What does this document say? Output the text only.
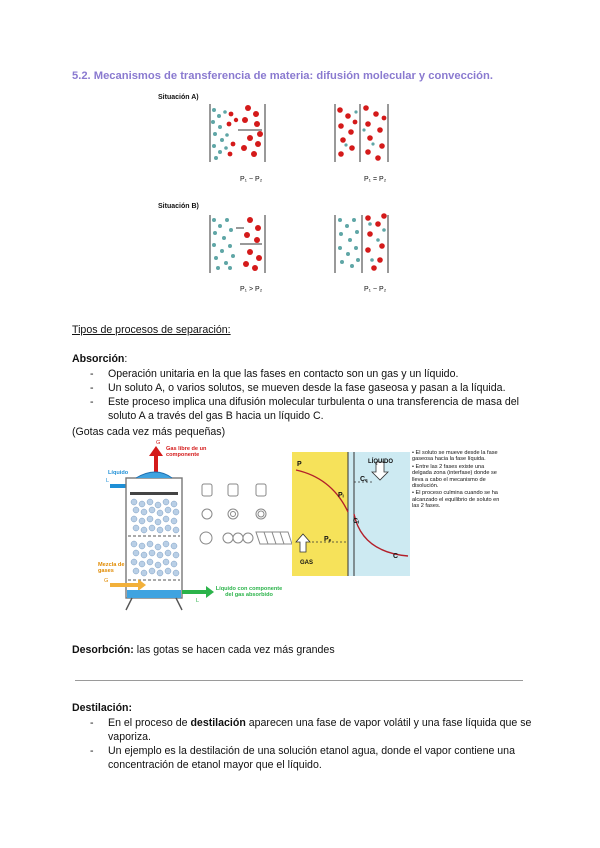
5.2. Mecanismos de transferencia de materia: difusión molecular y convección.
Situación A)
Situación B)
P₁ ~ P₂	P₁ = P₂
P₁ > P₂	P₁ ~ P₂
Tipos de procesos de separación:
Absorción:
- Operación unitaria en la que las fases en contacto son un gas y un líquido.
- Un soluto A, o varios solutos, se mueven desde la fase gaseosa y pasan a la líquida.
- Este proceso implica una difusión molecular turbulenta o una transferencia de masa del soluto A a través del gas B hacia un líquido C.
(Gotas cada vez más pequeñas)
Gas libre de un componente
G
Líquido
L
Mezcla de gases
G
Líquido con componente del gas absorbido
L
P
Pᵢ
Pₑ
Cₑ
Cᵢ
C
LÍQUIDO
GAS
• El soluto se mueve desde la fase gaseosa hacia la fase líquida.
• Entre las 2 fases existe una delgada zona (interfase) donde se lleva a cabo el mecanismo de disolución.
• El proceso culmina cuando se ha alcanzado el equilibrio de soluto en las 2 fases.
Desorbción: las gotas se hacen cada vez más grandes
Destilación:
- En el proceso de destilación aparecen una fase de vapor volátil y una fase líquida que se vaporiza.
- Un ejemplo es la destilación de una solución etanol agua, donde el vapor contiene una concentración de etanol mayor que el líquido.
